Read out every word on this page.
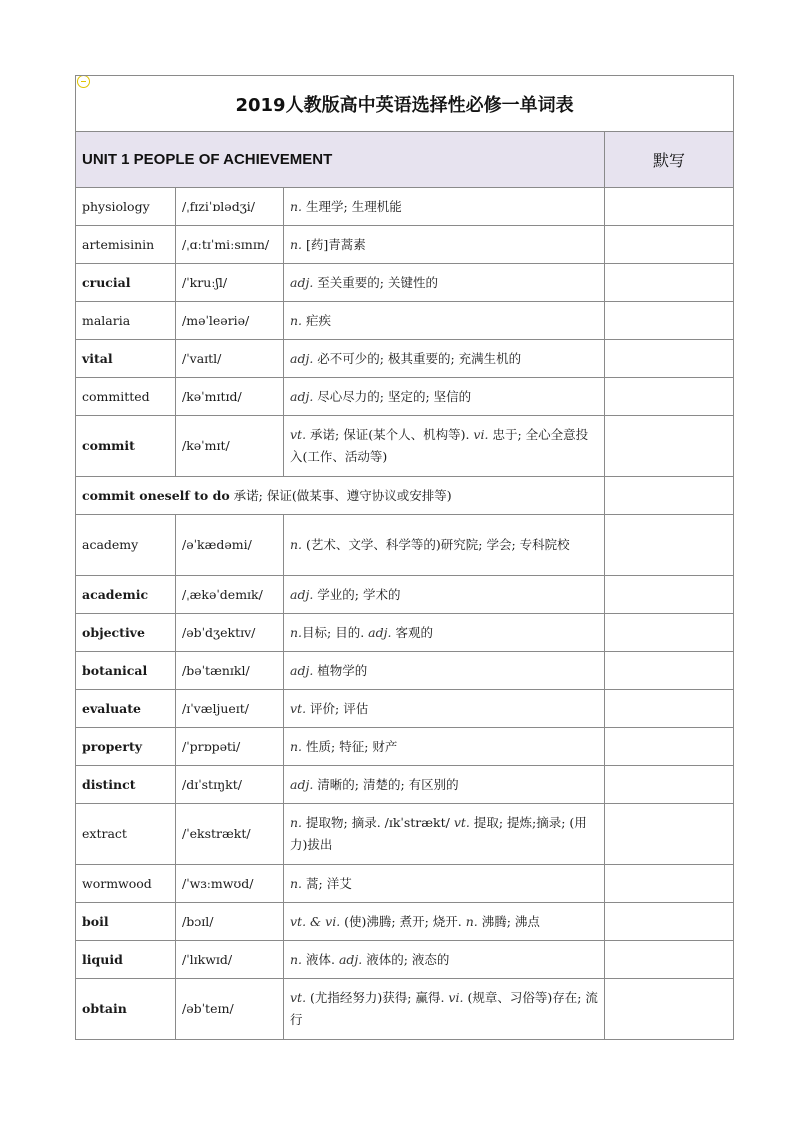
2019人教版高中英语选择性必修一单词表			
UNIT 1 PEOPLE OF ACHIEVEMENT			默写
physiology	/ˌfɪziˈɒlədʒi/	n. 生理学; 生理机能	
artemisinin	/ˌɑːtɪˈmiːsɪnɪn/	n. [药]青蒿素	
crucial	/ˈkruːʃl/	adj. 至关重要的; 关键性的	
malaria	/məˈleəriə/	n. 疟疾	
vital	/ˈvaɪtl/	adj. 必不可少的; 极其重要的; 充满生机的	
committed	/kəˈmɪtɪd/	adj. 尽心尽力的; 坚定的; 坚信的	
commit	/kəˈmɪt/	vt. 承诺; 保证(某个人、机构等). vi. 忠于; 全心全意投入(工作、活动等)	
commit oneself to do 承诺; 保证(做某事、遵守协议或安排等)			
academy	/əˈkædəmi/	n. (艺术、文学、科学等的)研究院; 学会; 专科院校	
academic	/ˌækəˈdemɪk/	adj. 学业的; 学术的	
objective	/əbˈdʒektɪv/	n.目标; 目的. adj. 客观的	
botanical	/bəˈtænɪkl/	adj. 植物学的	
evaluate	/ɪˈvæljueɪt/	vt. 评价; 评估	
property	/ˈprɒpəti/	n. 性质; 特征; 财产	
distinct	/dɪˈstɪŋkt/	adj. 清晰的; 清楚的; 有区别的	
extract	/ˈekstrækt/	n. 提取物; 摘录. /ɪkˈstrækt/ vt. 提取; 提炼;摘录; (用力)拔出	
wormwood	/ˈwɜːmwʊd/	n. 蒿; 洋艾	
boil	/bɔɪl/	vt. & vi. (使)沸腾; 煮开; 烧开. n. 沸腾; 沸点	
liquid	/ˈlɪkwɪd/	n. 液体. adj. 液体的; 液态的	
obtain	/əbˈteɪn/	vt. (尤指经努力)获得; 赢得. vi. (规章、习俗等)存在; 流行	
